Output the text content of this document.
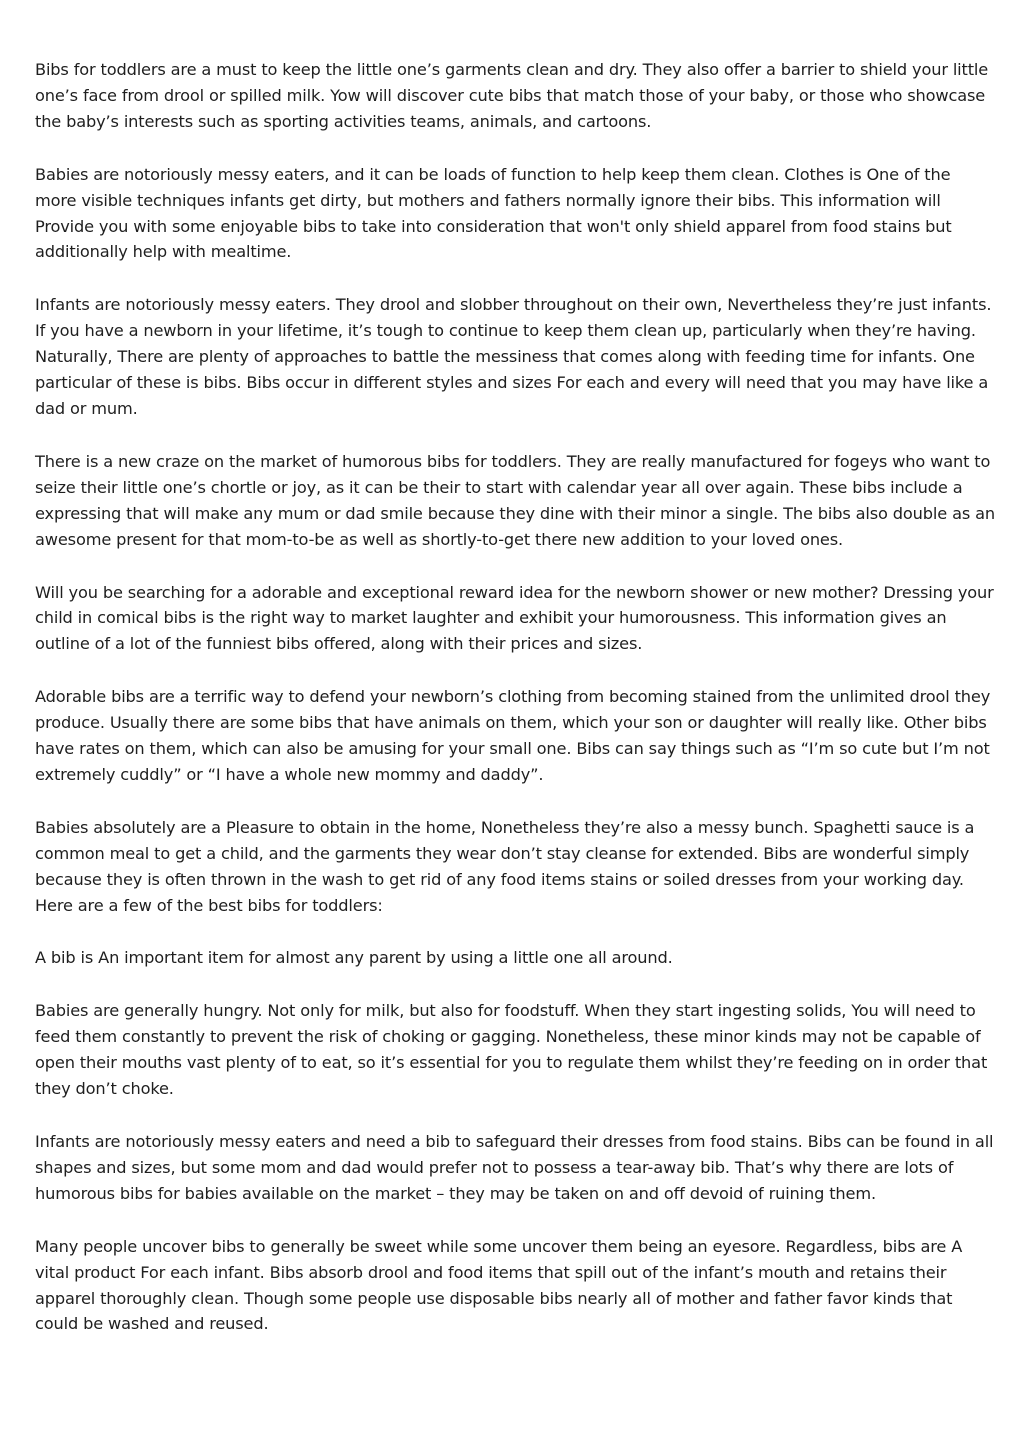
Bibs for toddlers are a must to keep the little one’s garments clean and dry. They also offer a barrier to shield your little one’s face from drool or spilled milk. Yow will discover cute bibs that match those of your baby, or those who showcase the baby’s interests such as sporting activities teams, animals, and cartoons.

Babies are notoriously messy eaters, and it can be loads of function to help keep them clean. Clothes is One of the more visible techniques infants get dirty, but mothers and fathers normally ignore their bibs. This information will Provide you with some enjoyable bibs to take into consideration that won't only shield apparel from food stains but additionally help with mealtime.

Infants are notoriously messy eaters. They drool and slobber throughout on their own, Nevertheless they’re just infants. If you have a newborn in your lifetime, it’s tough to continue to keep them clean up, particularly when they’re having. Naturally, There are plenty of approaches to battle the messiness that comes along with feeding time for infants. One particular of these is bibs. Bibs occur in different styles and sizes For each and every will need that you may have like a dad or mum.

There is a new craze on the market of humorous bibs for toddlers. They are really manufactured for fogeys who want to seize their little one’s chortle or joy, as it can be their to start with calendar year all over again. These bibs include a expressing that will make any mum or dad smile because they dine with their minor a single. The bibs also double as an awesome present for that mom-to-be as well as shortly-to-get there new addition to your loved ones.

Will you be searching for a adorable and exceptional reward idea for the newborn shower or new mother? Dressing your child in comical bibs is the right way to market laughter and exhibit your humorousness. This information gives an outline of a lot of the funniest bibs offered, along with their prices and sizes.

Adorable bibs are a terrific way to defend your newborn’s clothing from becoming stained from the unlimited drool they produce. Usually there are some bibs that have animals on them, which your son or daughter will really like. Other bibs have rates on them, which can also be amusing for your small one. Bibs can say things such as “I’m so cute but I’m not extremely cuddly” or “I have a whole new mommy and daddy”.

Babies absolutely are a Pleasure to obtain in the home, Nonetheless they’re also a messy bunch. Spaghetti sauce is a common meal to get a child, and the garments they wear don’t stay cleanse for extended. Bibs are wonderful simply because they is often thrown in the wash to get rid of any food items stains or soiled dresses from your working day. Here are a few of the best bibs for toddlers:

A bib is An important item for almost any parent by using a little one all around.

Babies are generally hungry. Not only for milk, but also for foodstuff. When they start ingesting solids, You will need to feed them constantly to prevent the risk of choking or gagging. Nonetheless, these minor kinds may not be capable of open their mouths vast plenty of to eat, so it’s essential for you to regulate them whilst they’re feeding on in order that they don’t choke.

Infants are notoriously messy eaters and need a bib to safeguard their dresses from food stains. Bibs can be found in all shapes and sizes, but some mom and dad would prefer not to possess a tear-away bib. That’s why there are lots of humorous bibs for babies available on the market – they may be taken on and off devoid of ruining them.

Many people uncover bibs to generally be sweet while some uncover them being an eyesore. Regardless, bibs are A vital product For each infant. Bibs absorb drool and food items that spill out of the infant’s mouth and retains their apparel thoroughly clean. Though some people use disposable bibs nearly all of mother and father favor kinds that could be washed and reused.
